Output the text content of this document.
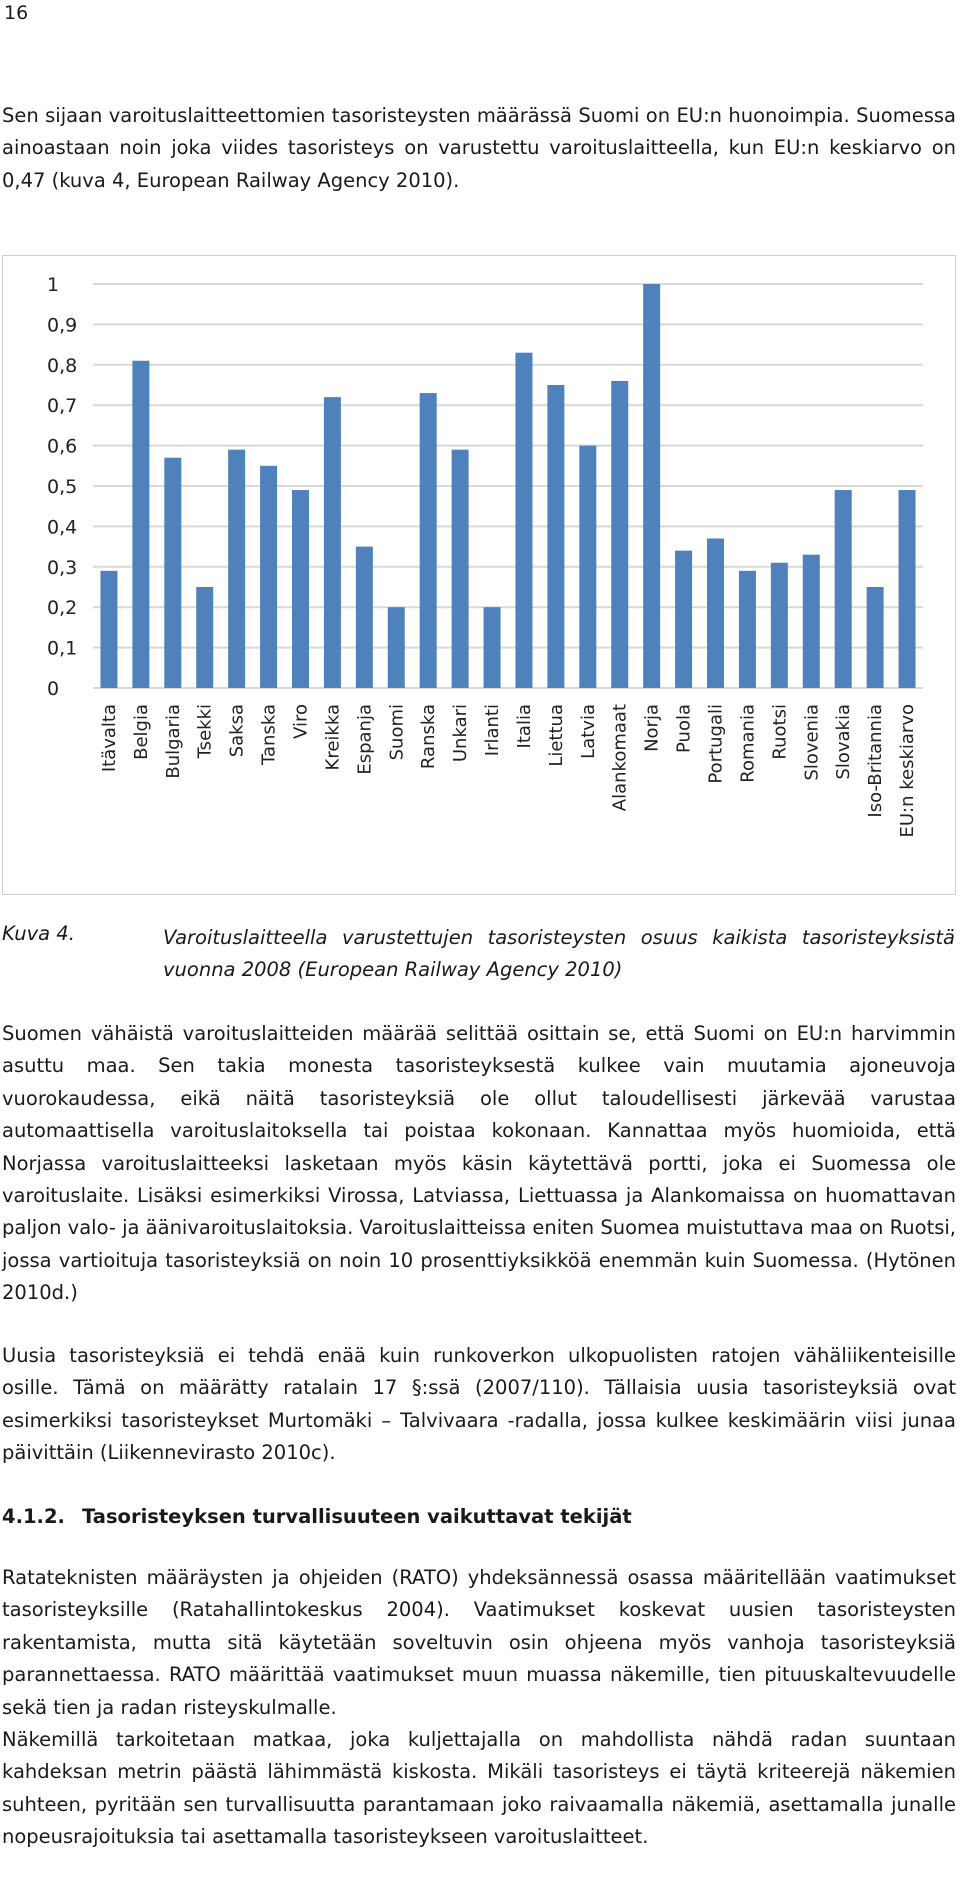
16

Sen sijaan varoituslaitteettomien tasoristeysten määrässä Suomi on EU:n huonoimpia. Suomessa ainoastaan noin joka viides tasoristeys on varustettu varoituslaitteella, kun EU:n keskiarvo on 0,47 (kuva 4, European Railway Agency 2010).

0
0,1
0,2
0,3
0,4
0,5
0,6
0,7
0,8
0,9
1
Itävalta Belgia Bulgaria Tsekki Saksa Tanska Viro Kreikka Espanja Suomi Ranska Unkari Irlanti Italia Liettua Latvia Alankomaat Norja Puola Portugali Romania Ruotsi Slovenia Slovakia Iso-Britannia EU:n keskiarvo
Kuva 4.	Varoituslaitteella varustettujen tasoristeysten osuus kaikista tasoristeyksistä vuonna 2008 (European Railway Agency 2010)

Suomen vähäistä varoituslaitteiden määrää selittää osittain se, että Suomi on EU:n harvimmin asuttu maa. Sen takia monesta tasoristeyksestä kulkee vain muutamia ajoneuvoja vuorokaudessa, eikä näitä tasoristeyksiä ole ollut taloudellisesti järkevää varustaa automaattisella varoituslaitoksella tai poistaa kokonaan. Kannattaa myös huomioida, että Norjassa varoituslaitteeksi lasketaan myös käsin käytettävä portti, joka ei Suomessa ole varoituslaite. Lisäksi esimerkiksi Virossa, Latviassa, Liettuassa ja Alankomaissa on huomattavan paljon valo- ja äänivaroituslaitoksia. Varoituslaitteissa eniten Suomea muistuttava maa on Ruotsi, jossa vartioituja tasoristeyksiä on noin 10 prosenttiyksikköä enemmän kuin Suomessa. (Hytönen 2010d.)

Uusia tasoristeyksiä ei tehdä enää kuin runkoverkon ulkopuolisten ratojen vähäliikenteisille osille. Tämä on määrätty ratalain 17 §:ssä (2007/110). Tällaisia uusia tasoristeyksiä ovat esimerkiksi tasoristeykset Murtomäki – Talvivaara -radalla, jossa kulkee keskimäärin viisi junaa päivittäin (Liikennevirasto 2010c).

4.1.2. Tasoristeyksen turvallisuuteen vaikuttavat tekijät

Ratateknisten määräysten ja ohjeiden (RATO) yhdeksännessä osassa määritellään vaatimukset tasoristeyksille (Ratahallintokeskus 2004). Vaatimukset koskevat uusien tasoristeysten rakentamista, mutta sitä käytetään soveltuvin osin ohjeena myös vanhoja tasoristeyksiä parannettaessa. RATO määrittää vaatimukset muun muassa näkemille, tien pituuskaltevuudelle sekä tien ja radan risteyskulmalle.

Näkemillä tarkoitetaan matkaa, joka kuljettajalla on mahdollista nähdä radan suuntaan kahdeksan metrin päästä lähimmästä kiskosta. Mikäli tasoristeys ei täytä kriteerejä näkemien suhteen, pyritään sen turvallisuutta parantamaan joko raivaamalla näkemiä, asettamalla junalle nopeusrajoituksia tai asettamalla tasoristeykseen varoituslaitteet.
